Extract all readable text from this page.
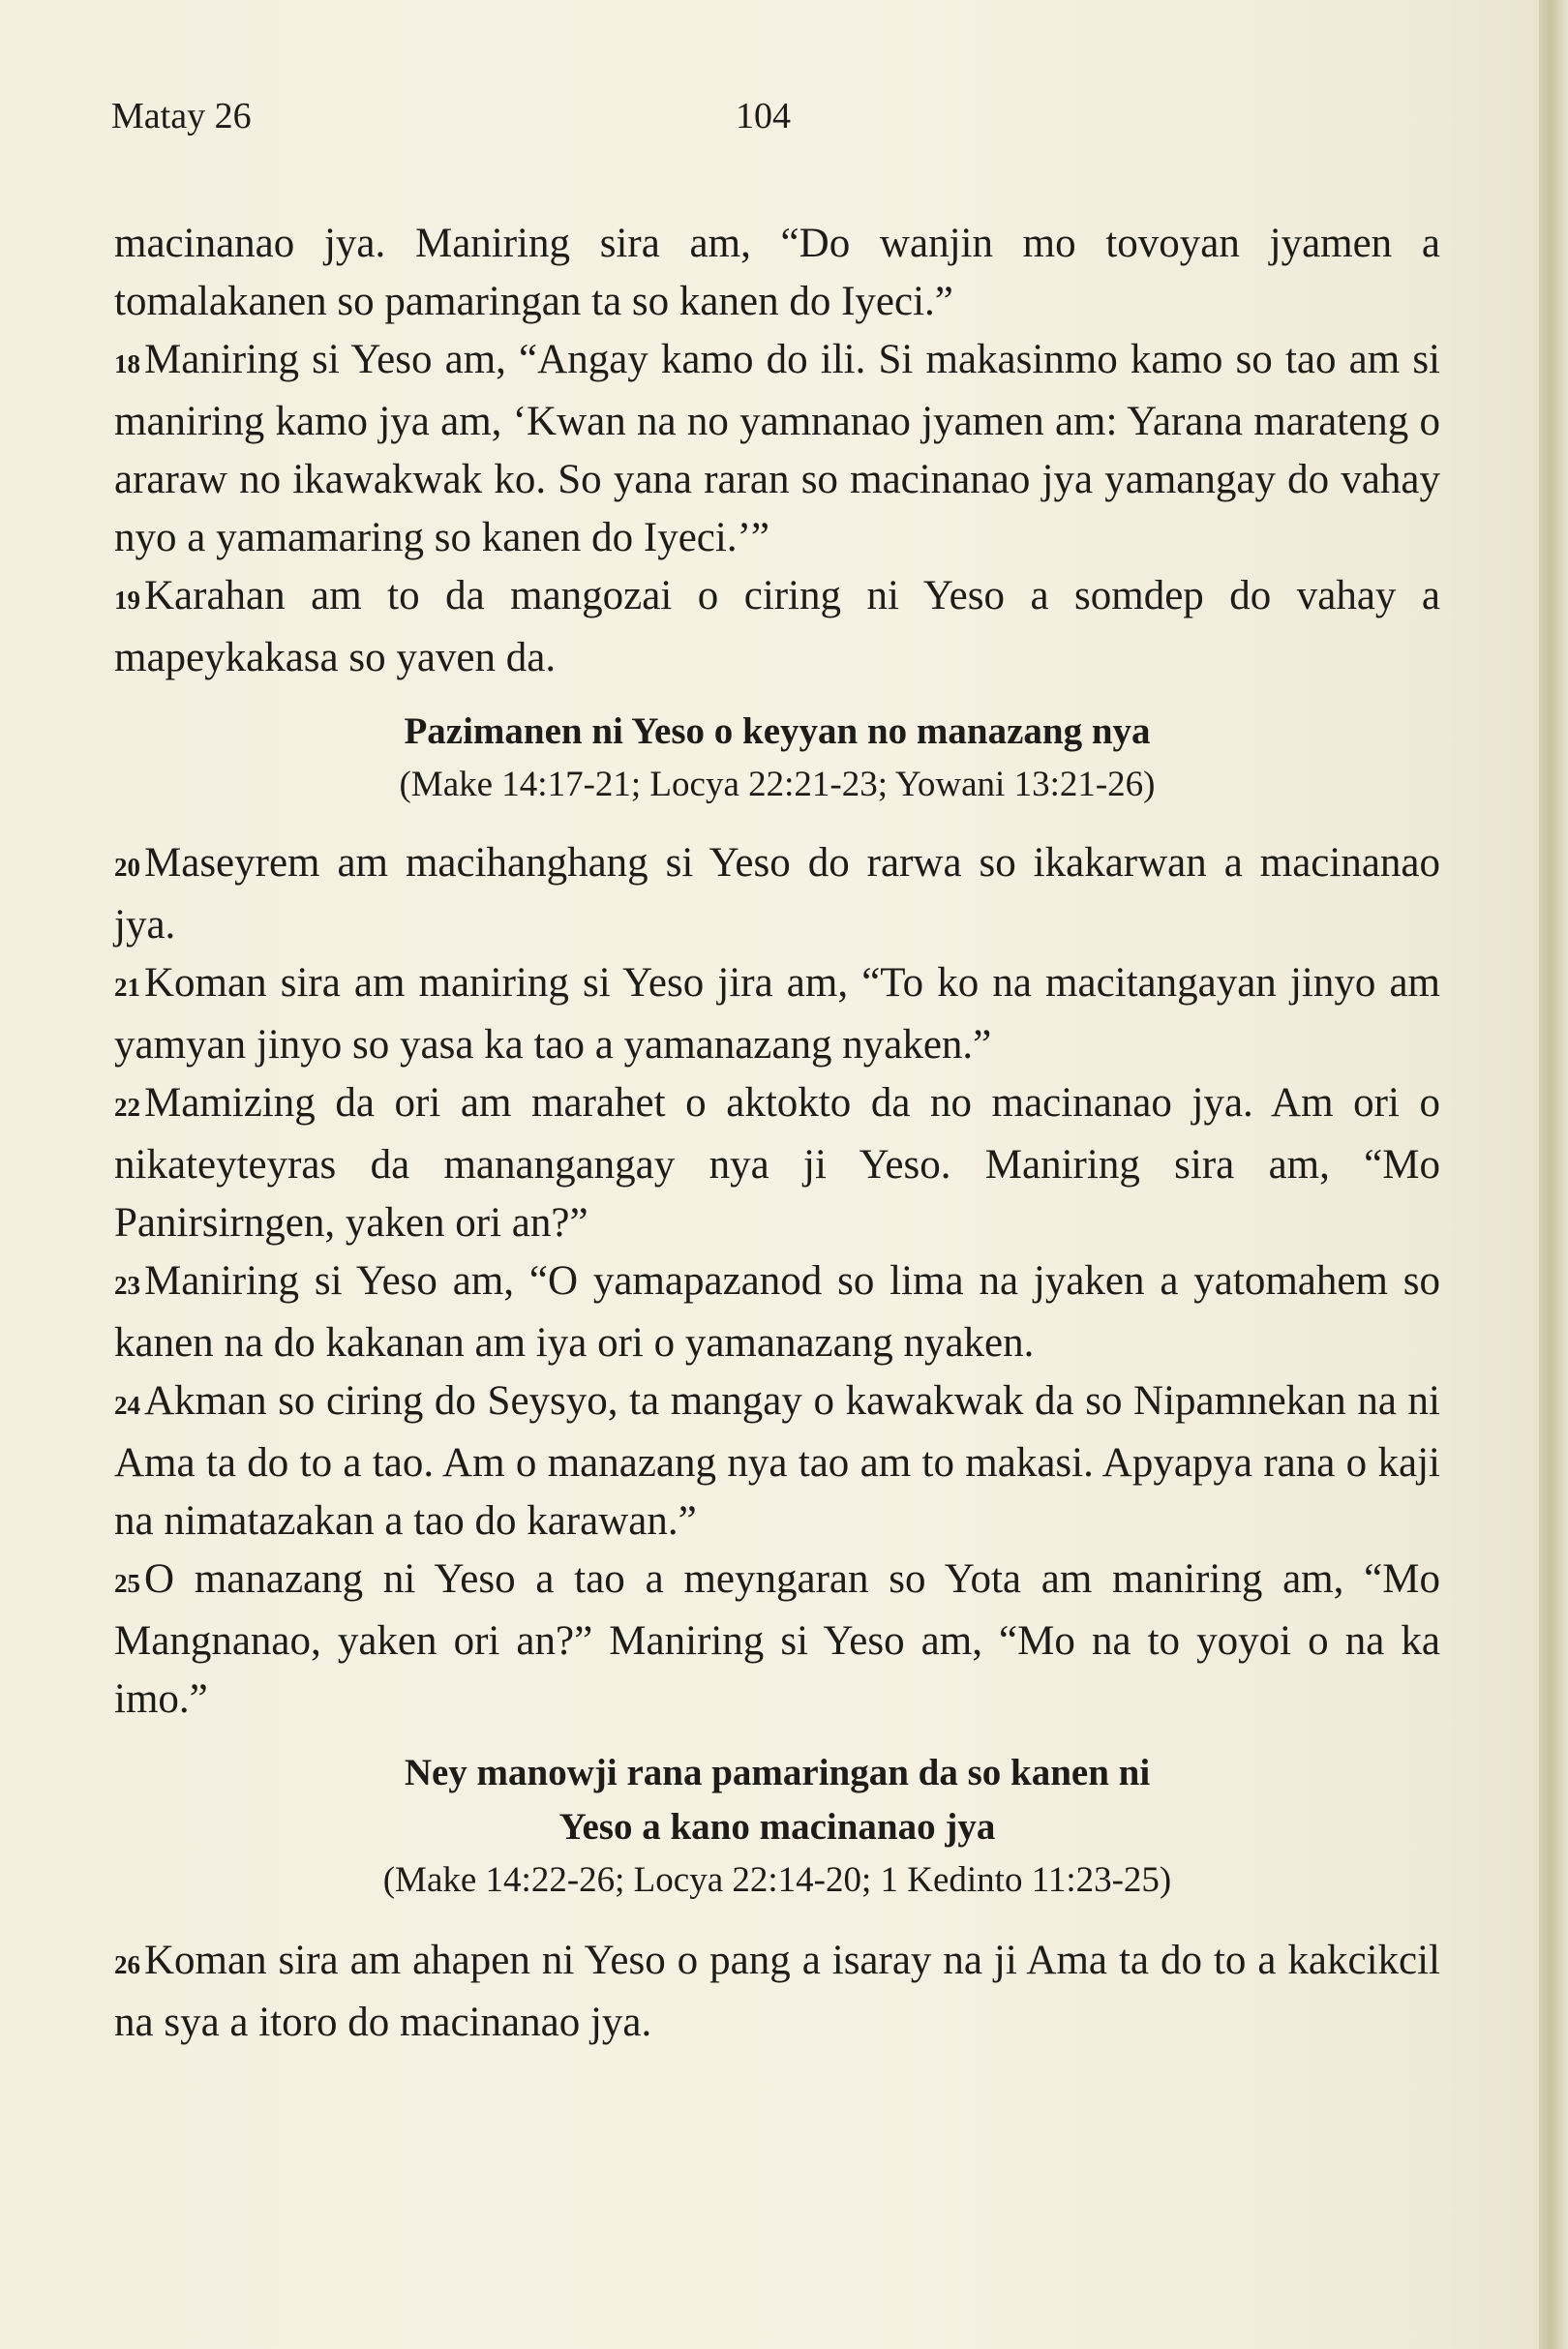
Matay 26	104

macinanao jya. Maniring sira am, “Do wanjin mo tovoyan jyamen a tomalakanen so pamaringan ta so kanen do Iyeci.”

18Maniring si Yeso am, “Angay kamo do ili. Si makasinmo kamo so tao am si maniring kamo jya am, ‘Kwan na no yamnanao jyamen am: Yarana marateng o araraw no ikawakwak ko. So yana raran so macinanao jya yamangay do vahay nyo a yamamaring so kanen do Iyeci.’”

19Karahan am to da mangozai o ciring ni Yeso a somdep do vahay a mapeykakasa so yaven da.

Pazimanen ni Yeso o keyyan no manazang nya
(Make 14:17-21; Locya 22:21-23; Yowani 13:21-26)

20Maseyrem am macihanghang si Yeso do rarwa so ikakarwan a macinanao jya.

21Koman sira am maniring si Yeso jira am, “To ko na macitangayan jinyo am yamyan jinyo so yasa ka tao a yamanazang nyaken.”

22Mamizing da ori am marahet o aktokto da no macinanao jya. Am ori o nikateyteyras da manangangay nya ji Yeso. Maniring sira am, “Mo Panirsirngen, yaken ori an?”

23Maniring si Yeso am, “O yamapazanod so lima na jyaken a yatomahem so kanen na do kakanan am iya ori o yamanazang nyaken.

24Akman so ciring do Seysyo, ta mangay o kawakwak da so Nipamnekan na ni Ama ta do to a tao. Am o manazang nya tao am to makasi. Apyapya rana o kaji na nimatazakan a tao do karawan.”

25O manazang ni Yeso a tao a meyngaran so Yota am maniring am, “Mo Mangnanao, yaken ori an?” Maniring si Yeso am, “Mo na to yoyoi o na ka imo.”

Ney manowji rana pamaringan da so kanen ni
Yeso a kano macinanao jya
(Make 14:22-26; Locya 22:14-20; 1 Kedinto 11:23-25)

26Koman sira am ahapen ni Yeso o pang a isaray na ji Ama ta do to a kakcikcil na sya a itoro do macinanao jya.
